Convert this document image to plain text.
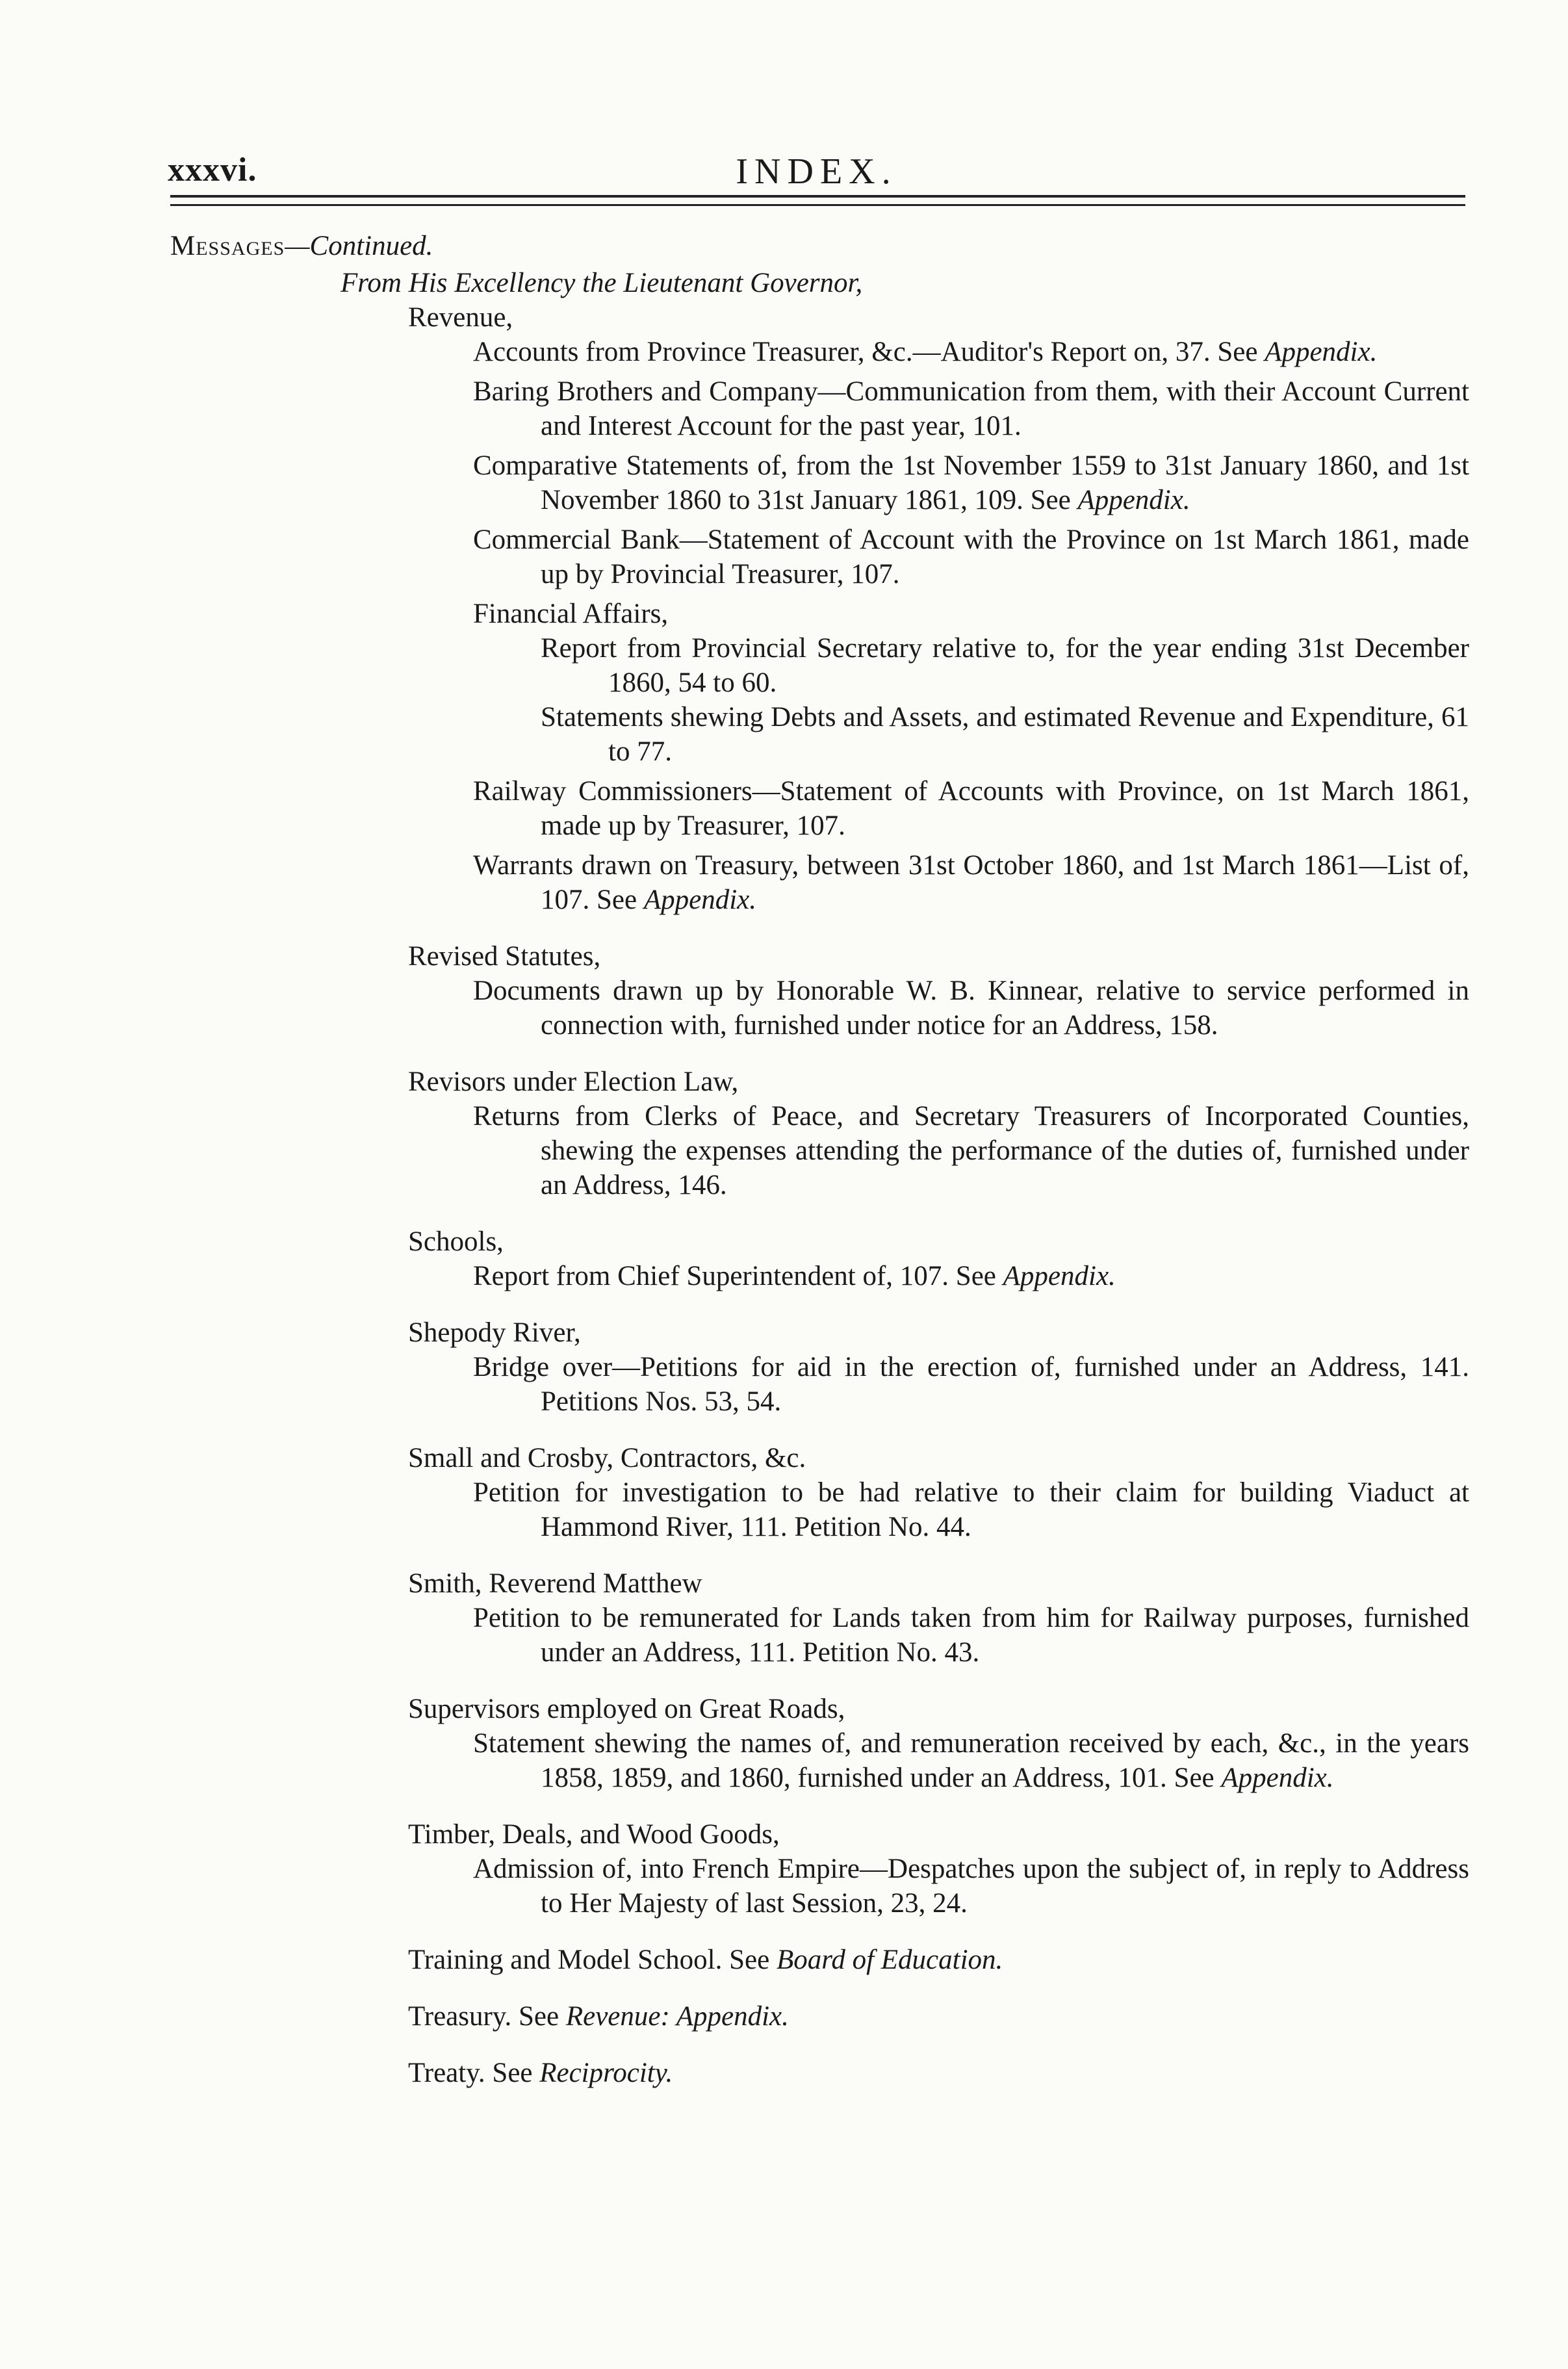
xxxvi.	INDEX.
Messages—Continued.
From His Excellency the Lieutenant Governor,
Revenue,
Accounts from Province Treasurer, &c.—Auditor's Report on, 37. See Appendix.
Baring Brothers and Company—Communication from them, with their Account Current and Interest Account for the past year, 101.
Comparative Statements of, from the 1st November 1559 to 31st January 1860, and 1st November 1860 to 31st January 1861, 109. See Appendix.
Commercial Bank—Statement of Account with the Province on 1st March 1861, made up by Provincial Treasurer, 107.
Financial Affairs,
Report from Provincial Secretary relative to, for the year ending 31st December 1860, 54 to 60.
Statements shewing Debts and Assets, and estimated Revenue and Expenditure, 61 to 77.
Railway Commissioners—Statement of Accounts with Province, on 1st March 1861, made up by Treasurer, 107.
Warrants drawn on Treasury, between 31st October 1860, and 1st March 1861—List of, 107. See Appendix.
Revised Statutes,
Documents drawn up by Honorable W. B. Kinnear, relative to service performed in connection with, furnished under notice for an Address, 158.
Revisors under Election Law,
Returns from Clerks of Peace, and Secretary Treasurers of Incorporated Counties, shewing the expenses attending the performance of the duties of, furnished under an Address, 146.
Schools,
Report from Chief Superintendent of, 107. See Appendix.
Shepody River,
Bridge over—Petitions for aid in the erection of, furnished under an Address, 141. Petitions Nos. 53, 54.
Small and Crosby, Contractors, &c.
Petition for investigation to be had relative to their claim for building Viaduct at Hammond River, 111. Petition No. 44.
Smith, Reverend Matthew
Petition to be remunerated for Lands taken from him for Railway purposes, furnished under an Address, 111. Petition No. 43.
Supervisors employed on Great Roads,
Statement shewing the names of, and remuneration received by each, &c., in the years 1858, 1859, and 1860, furnished under an Address, 101. See Appendix.
Timber, Deals, and Wood Goods,
Admission of, into French Empire—Despatches upon the subject of, in reply to Address to Her Majesty of last Session, 23, 24.
Training and Model School. See Board of Education.
Treasury. See Revenue: Appendix.
Treaty. See Reciprocity.
